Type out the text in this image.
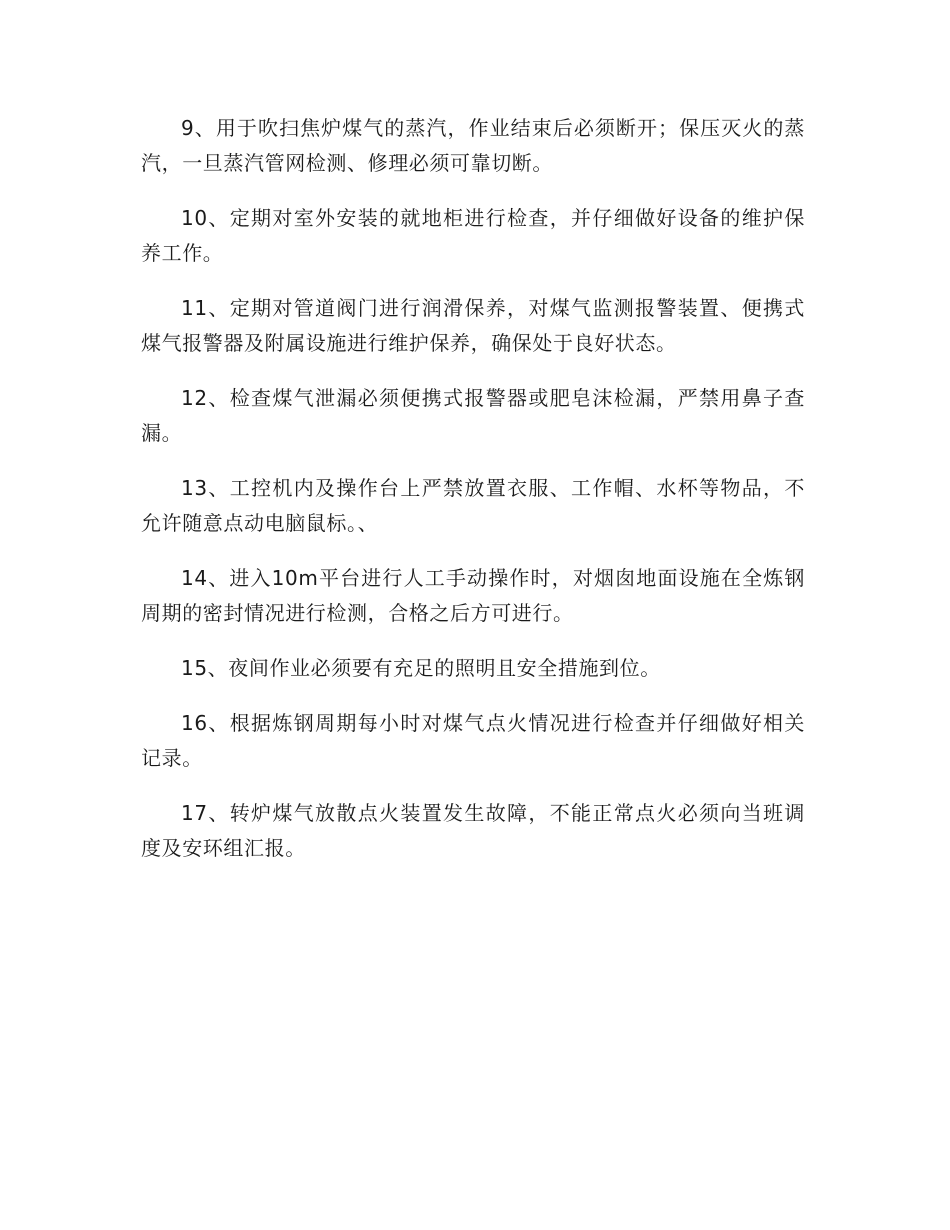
9、用于吹扫焦炉煤气的蒸汽，作业结束后必须断开；保压灭火的蒸汽，一旦蒸汽管网检测、修理必须可靠切断。

10、定期对室外安装的就地柜进行检查，并仔细做好设备的维护保养工作。

11、定期对管道阀门进行润滑保养，对煤气监测报警装置、便携式煤气报警器及附属设施进行维护保养，确保处于良好状态。

12、检查煤气泄漏必须便携式报警器或肥皂沫检漏，严禁用鼻子查漏。

13、工控机内及操作台上严禁放置衣服、工作帽、水杯等物品，不允许随意点动电脑鼠标。、

14、进入10m平台进行人工手动操作时，对烟囱地面设施在全炼钢周期的密封情况进行检测，合格之后方可进行。

15、夜间作业必须要有充足的照明且安全措施到位。

16、根据炼钢周期每小时对煤气点火情况进行检查并仔细做好相关记录。

17、转炉煤气放散点火装置发生故障，不能正常点火必须向当班调度及安环组汇报。
